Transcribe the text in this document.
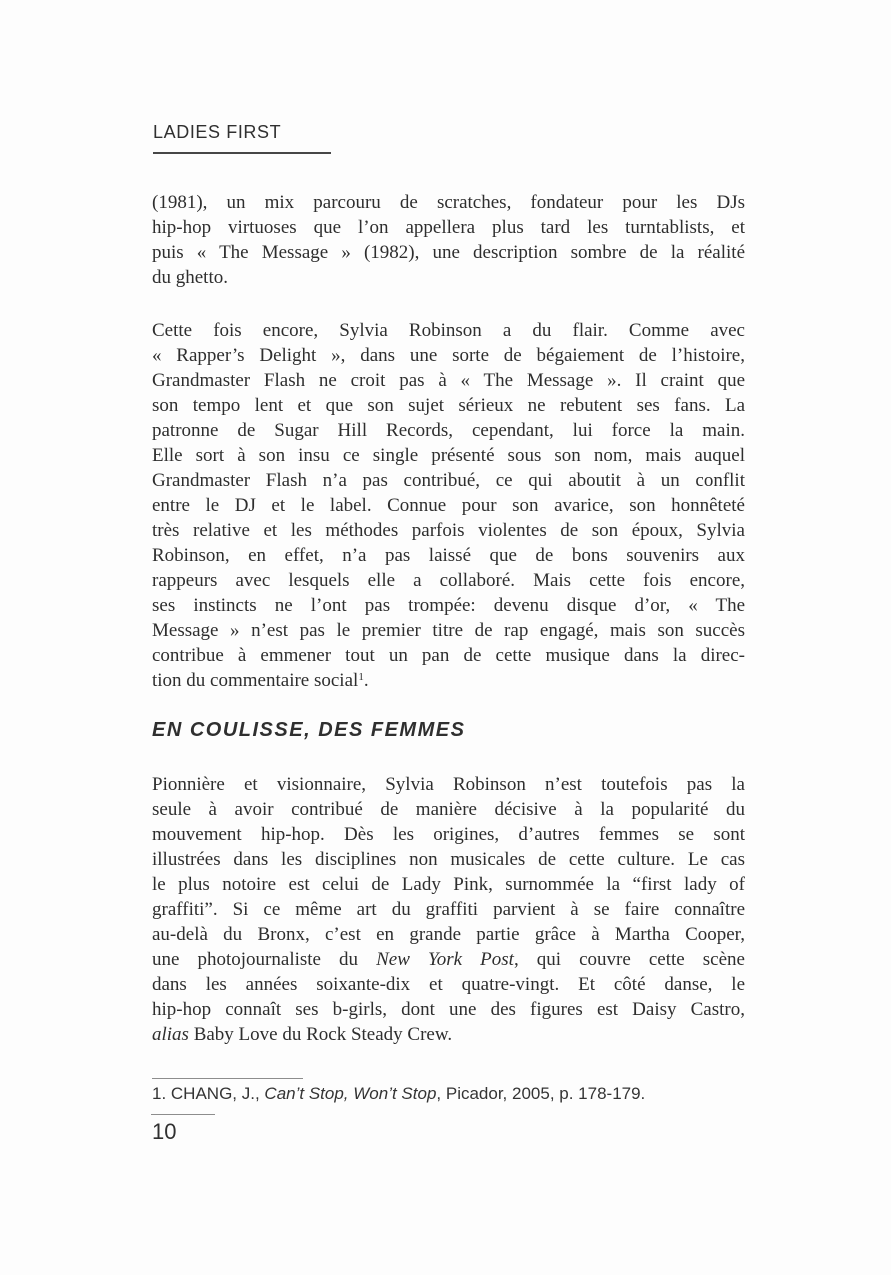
LADIES FIRST
(1981), un mix parcouru de scratches, fondateur pour les DJs
hip-hop virtuoses que l’on appellera plus tard les turntablists, et
puis « The Message » (1982), une description sombre de la réalité
du ghetto.
Cette fois encore, Sylvia Robinson a du flair. Comme avec
« Rapper’s Delight », dans une sorte de bégaiement de l’histoire,
Grandmaster Flash ne croit pas à « The Message ». Il craint que
son tempo lent et que son sujet sérieux ne rebutent ses fans. La
patronne de Sugar Hill Records, cependant, lui force la main.
Elle sort à son insu ce single présenté sous son nom, mais auquel
Grandmaster Flash n’a pas contribué, ce qui aboutit à un conflit
entre le DJ et le label. Connue pour son avarice, son honnêteté
très relative et les méthodes parfois violentes de son époux, Sylvia
Robinson, en effet, n’a pas laissé que de bons souvenirs aux
rappeurs avec lesquels elle a collaboré. Mais cette fois encore,
ses instincts ne l’ont pas trompée: devenu disque d’or, « The
Message » n’est pas le premier titre de rap engagé, mais son succès
contribue à emmener tout un pan de cette musique dans la direc-
tion du commentaire social$^1$.
EN COULISSE, DES FEMMES
Pionnière et visionnaire, Sylvia Robinson n’est toutefois pas la
seule à avoir contribué de manière décisive à la popularité du
mouvement hip-hop. Dès les origines, d’autres femmes se sont
illustrées dans les disciplines non musicales de cette culture. Le cas
le plus notoire est celui de Lady Pink, surnommée la “first lady of
graffiti”. Si ce même art du graffiti parvient à se faire connaître
au-delà du Bronx, c’est en grande partie grâce à Martha Cooper,
une photojournaliste du New York Post, qui couvre cette scène
dans les années soixante-dix et quatre-vingt. Et côté danse, le
hip-hop connaît ses b-girls, dont une des figures est Daisy Castro,
alias Baby Love du Rock Steady Crew.
1. CHANG, J., Can’t Stop, Won’t Stop, Picador, 2005, p. 178-179.
10
